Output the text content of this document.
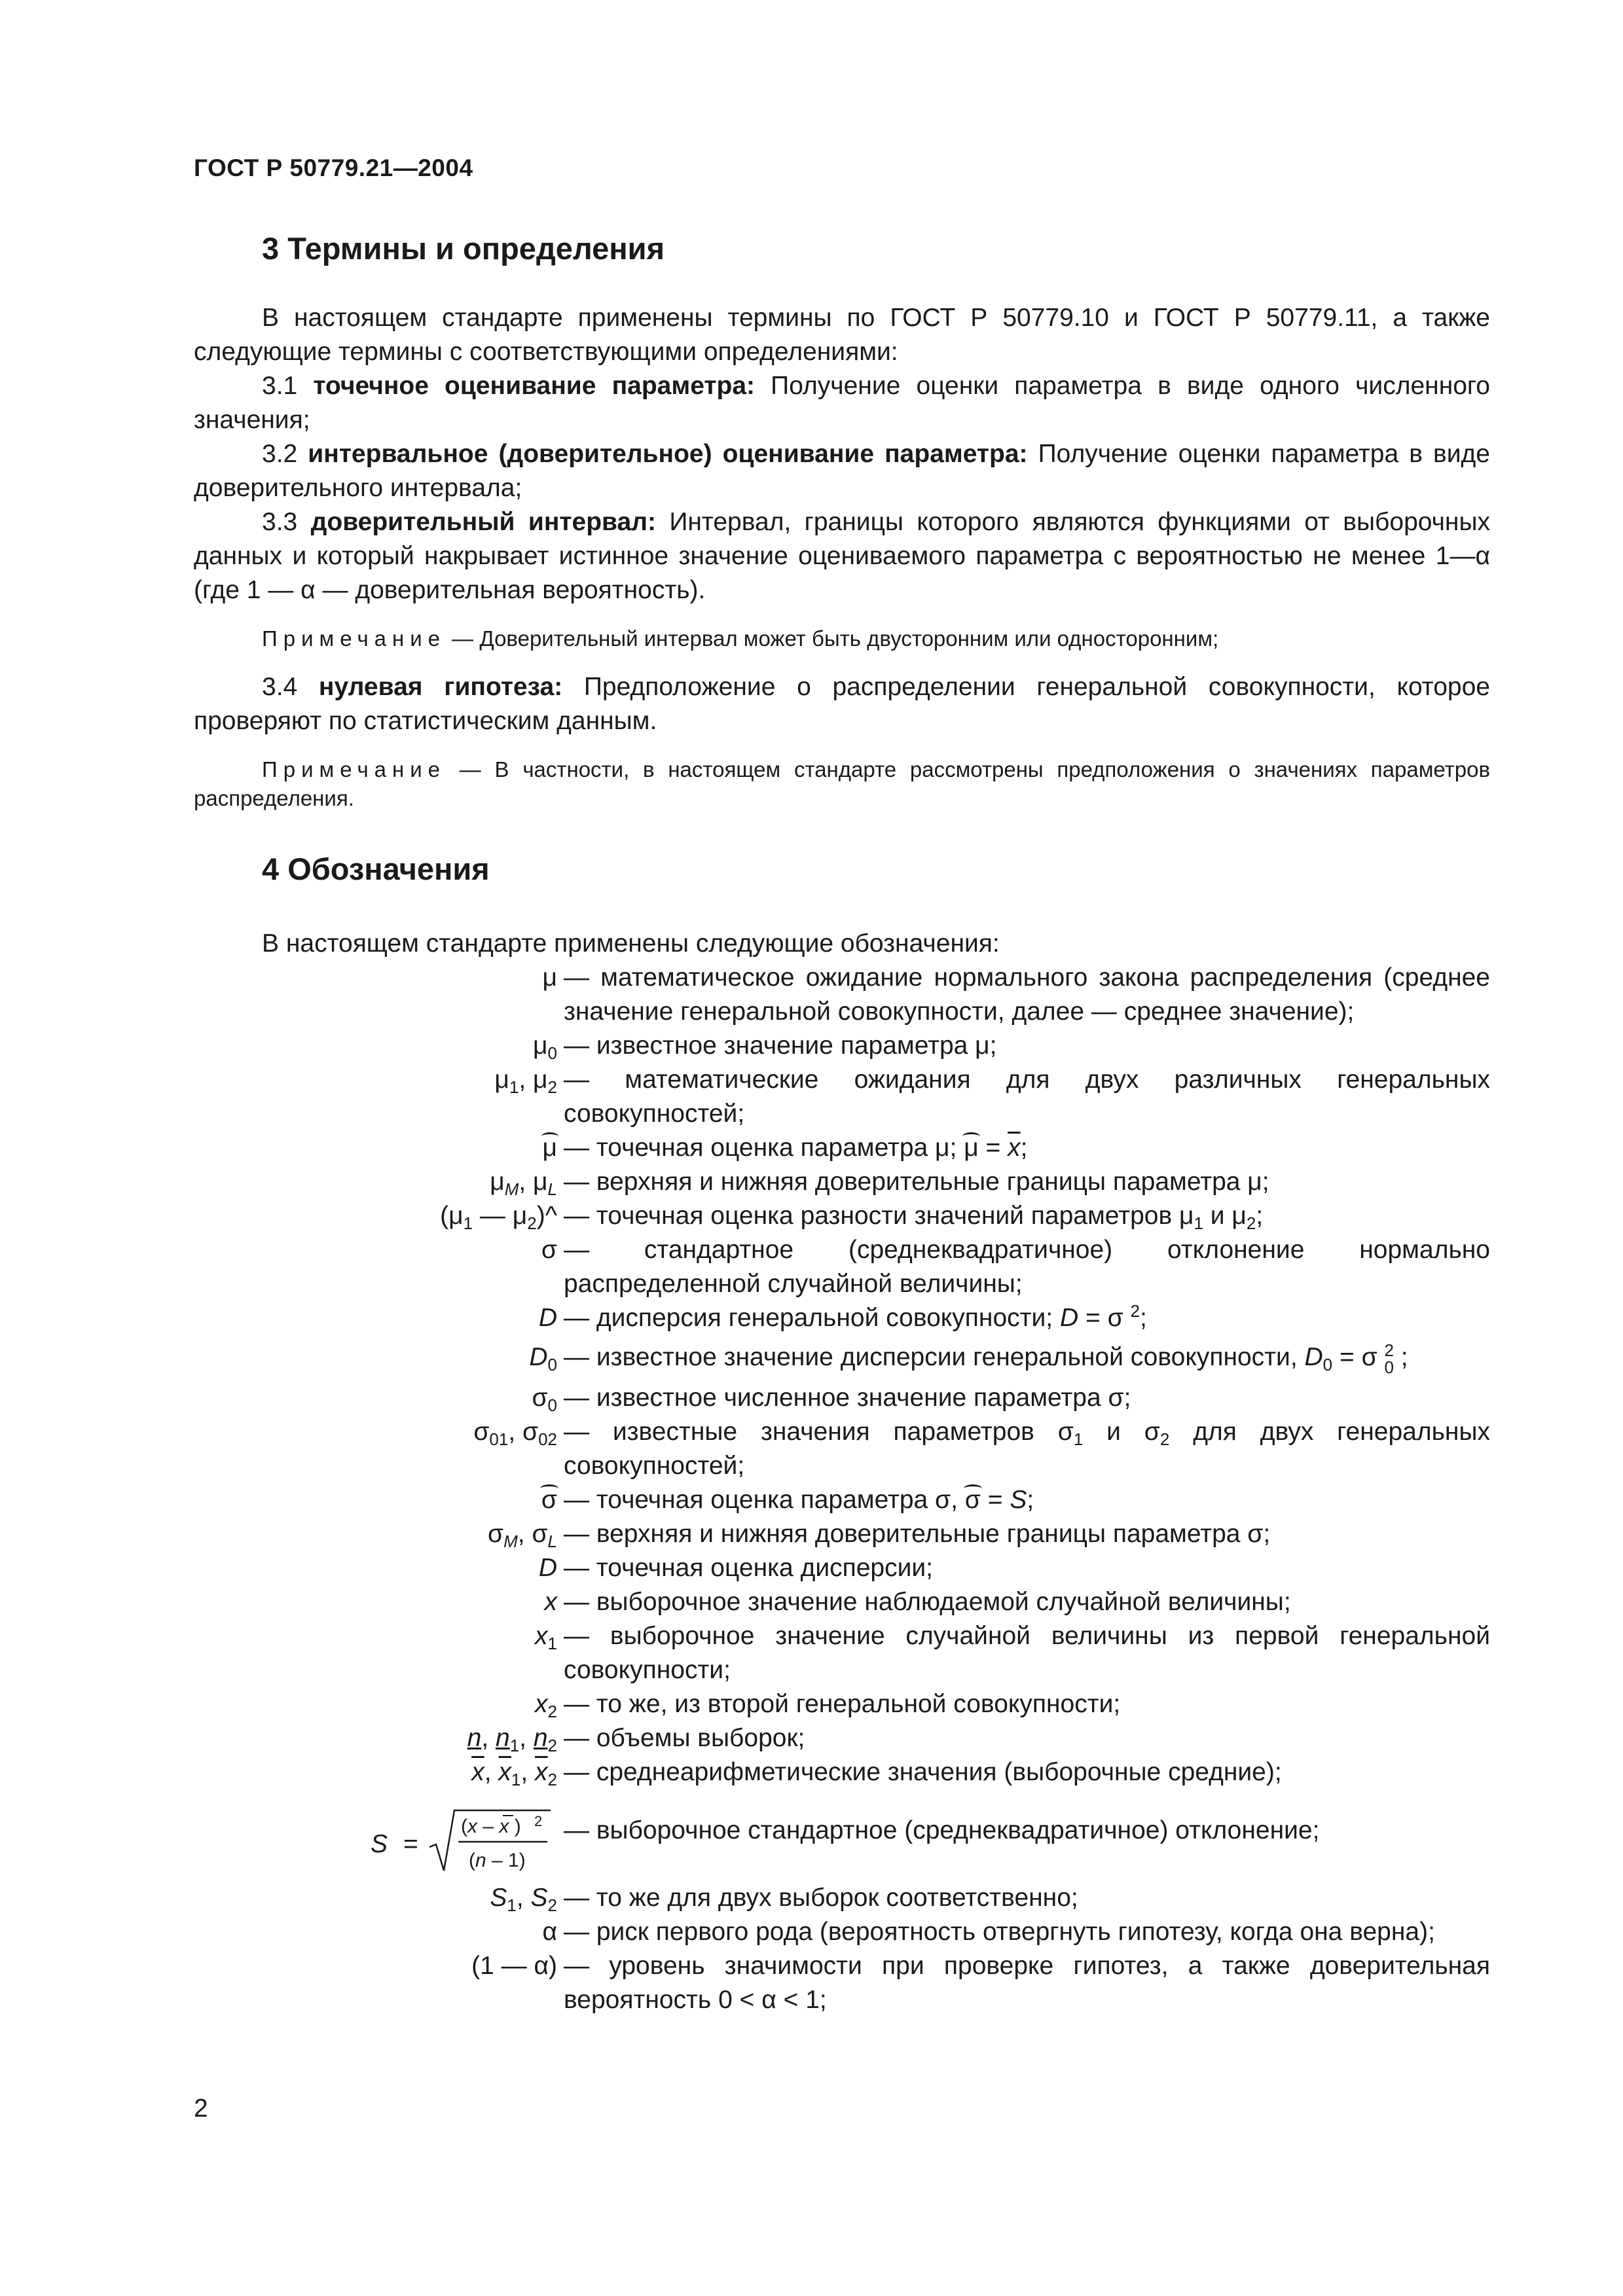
ГОСТ Р 50779.21—2004
3 Термины и определения

В настоящем стандарте применены термины по ГОСТ Р 50779.10 и ГОСТ Р 50779.11, а также следующие термины с соответствующими определениями:

3.1 точечное оценивание параметра: Получение оценки параметра в виде одного численного значения;

3.2 интервальное (доверительное) оценивание параметра: Получение оценки параметра в виде доверительного интервала;

3.3 доверительный интервал: Интервал, границы которого являются функциями от выборочных данных и который накрывает истинное значение оцениваемого параметра с вероятностью не менее 1—α (где 1 — α — доверительная вероятность).

Примечание — Доверительный интервал может быть двусторонним или односторонним;

3.4 нулевая гипотеза: Предположение о распределении генеральной совокупности, которое проверяют по статистическим данным.

Примечание — В частности, в настоящем стандарте рассмотрены предположения о значениях параметров распределения.

4 Обозначения

В настоящем стандарте применены следующие обозначения:

μ — математическое ожидание нормального закона распределения (среднее значение генеральной совокупности, далее — среднее значение);
$\mu_0$ — известное значение параметра μ;
$\mu_1$, $\mu_2$ — математические ожидания для двух различных генеральных совокупностей;
μ — точечная оценка параметра μ; $\mu = \overline{x}$;
$\mu_M$, $\mu_L$ — верхняя и нижняя доверительные границы параметра μ;
($\mu_1$ — $\mu_2)\^{}$ — точечная оценка разности значений параметров $\mu_1$ и $\mu_2$;
σ — стандартное (среднеквадратичное) отклонение нормально распределенной случайной величины;
D — дисперсия генеральной совокупности; D = σ $^2$;
$D_0$ — известное значение дисперсии генеральной совокупности, $D_0 = \sigma$ 2
0 ;
$\sigma_0$ — известное численное значение параметра σ;
$\sigma_{01}$, $\sigma_{02}$ — известные значения параметров $\sigma_1$ и $\sigma_2$ для двух генеральных совокупностей;
σ — точечная оценка параметра σ, σ = S;
$\sigma_M$, $\sigma_L$ — верхняя и нижняя доверительные границы параметра σ;
D — точечная оценка дисперсии;
x — выборочное значение наблюдаемой случайной величины;
$x_1$ — выборочное значение случайной величины из первой генеральной совокупности;
$x_2$ — то же, из второй генеральной совокупности;
n, $n_1$, $n_2$ — объемы выборок;
$\overline{x}$, $\overline{x}_1$, $\overline{x}_2$ — среднеарифметические значения (выборочные средние);
S =
(x – x ) 2
(n – 1)
— выборочное стандартное (среднеквадратичное) отклонение;
$S_1$, $S_2$ — то же для двух выборок соответственно;
α — риск первого рода (вероятность отвергнуть гипотезу, когда она верна);
(1 — α) — уровень значимости при проверке гипотез, а также доверительная вероятность 0 < α < 1;
2
